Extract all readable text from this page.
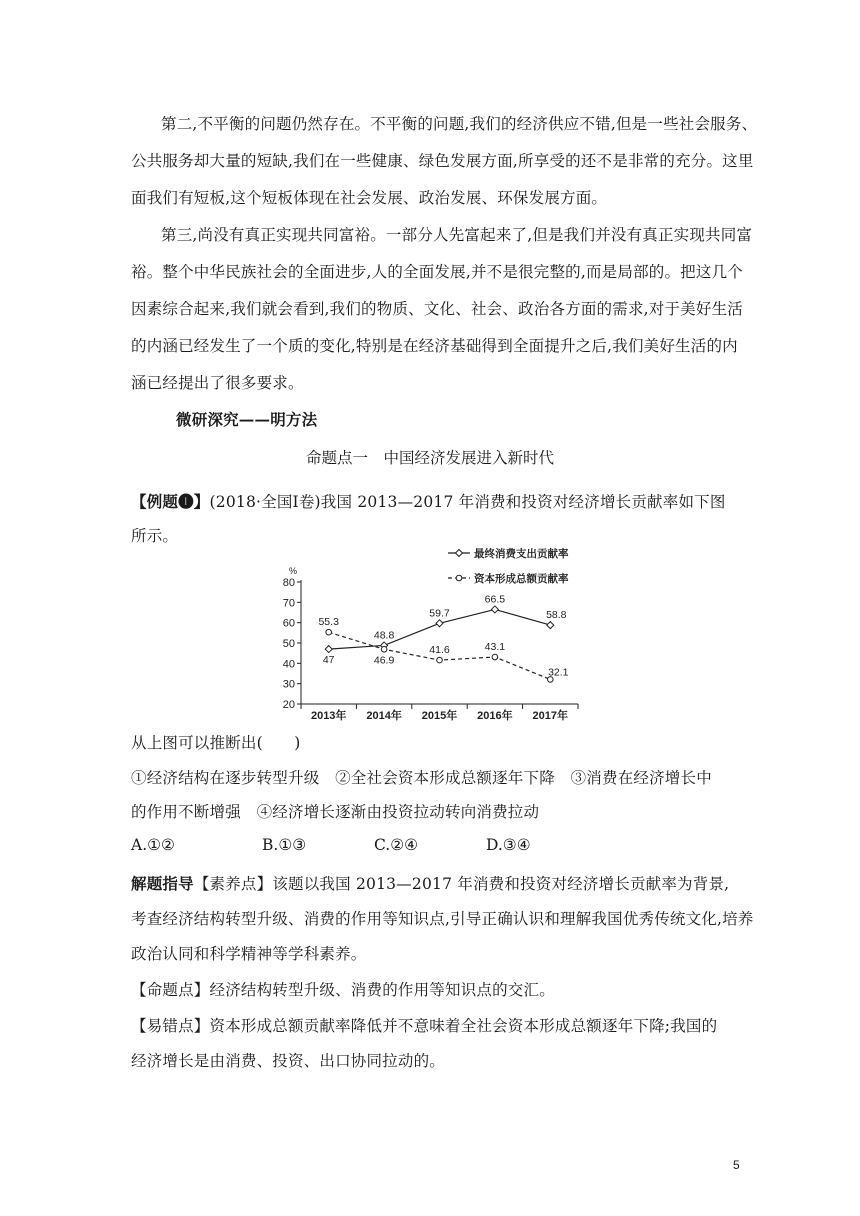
第二,不平衡的问题仍然存在。不平衡的问题,我们的经济供应不错,但是一些社会服务、
公共服务却大量的短缺,我们在一些健康、绿色发展方面,所享受的还不是非常的充分。这里
面我们有短板,这个短板体现在社会发展、政治发展、环保发展方面。
第三,尚没有真正实现共同富裕。一部分人先富起来了,但是我们并没有真正实现共同富
裕。整个中华民族社会的全面进步,人的全面发展,并不是很完整的,而是局部的。把这几个
因素综合起来,我们就会看到,我们的物质、文化、社会、政治各方面的需求,对于美好生活
的内涵已经发生了一个质的变化,特别是在经济基础得到全面提升之后,我们美好生活的内
涵已经提出了很多要求。
微研深究——明方法
命题点一　中国经济发展进入新时代
【例题❶】(2018·全国Ⅰ卷)我国 2013—2017 年消费和投资对经济增长贡献率如下图
所示。
%
20
30
40
50
60
70
80
2013年 2014年 2015年 2016年 2017年
47
48.8
59.7
66.5
58.8
55.3
46.9
41.6	43.1
32.1
最终消费支出贡献率
资本形成总额贡献率
从上图可以推断出(　　)
①经济结构在逐步转型升级　②全社会资本形成总额逐年下降　③消费在经济增长中
的作用不断增强　④经济增长逐渐由投资拉动转向消费拉动
A.①②	B.①③	C.②④	D.③④
解题指导【素养点】该题以我国 2013—2017 年消费和投资对经济增长贡献率为背景,
考查经济结构转型升级、消费的作用等知识点,引导正确认识和理解我国优秀传统文化,培养
政治认同和科学精神等学科素养。
【命题点】经济结构转型升级、消费的作用等知识点的交汇。
【易错点】资本形成总额贡献率降低并不意味着全社会资本形成总额逐年下降;我国的
经济增长是由消费、投资、出口协同拉动的。
5
